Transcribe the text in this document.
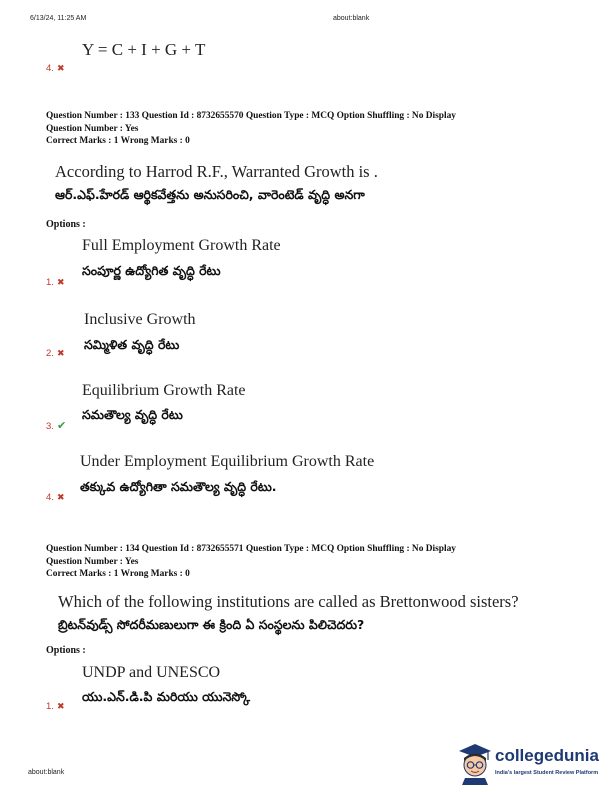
6/13/24, 11:25 AM	about:blank
Y = C + I + G + T
4. ✖
Question Number : 133 Question Id : 8732655570 Question Type : MCQ Option Shuffling : No Display
Question Number : Yes
Correct Marks : 1 Wrong Marks : 0
According to Harrod R.F., Warranted Growth is .
ఆర్.ఎఫ్.హేరడ్ ఆర్థికవేత్తను అనుసరించి, వారెంటెడ్ వృద్ధి అనగా
Options :
Full Employment Growth Rate
సంపూర్ణ ఉద్యోగిత వృద్ధి రేటు
1. ✖
Inclusive Growth
సమ్మిళిత వృద్ధి రేటు
2. ✖
Equilibrium Growth Rate
సమతౌల్య వృద్ధి రేటు
3. ✔
Under Employment Equilibrium Growth Rate
తక్కువ ఉద్యోగితా సమతౌల్య వృద్ధి రేటు.
4. ✖
Question Number : 134 Question Id : 8732655571 Question Type : MCQ Option Shuffling : No Display
Question Number : Yes
Correct Marks : 1 Wrong Marks : 0
Which of the following institutions are called as Brettonwood sisters?
బ్రిటన్‌వుడ్స్ సోదరీమణులుగా ఈ క్రింది ఏ సంస్థలను పిలిచెదరు?
Options :
UNDP and UNESCO
యు.ఎన్.డి.పి మరియు యునెస్కో
1. ✖
about:blank
collegedunia
India's largest Student Review Platform
